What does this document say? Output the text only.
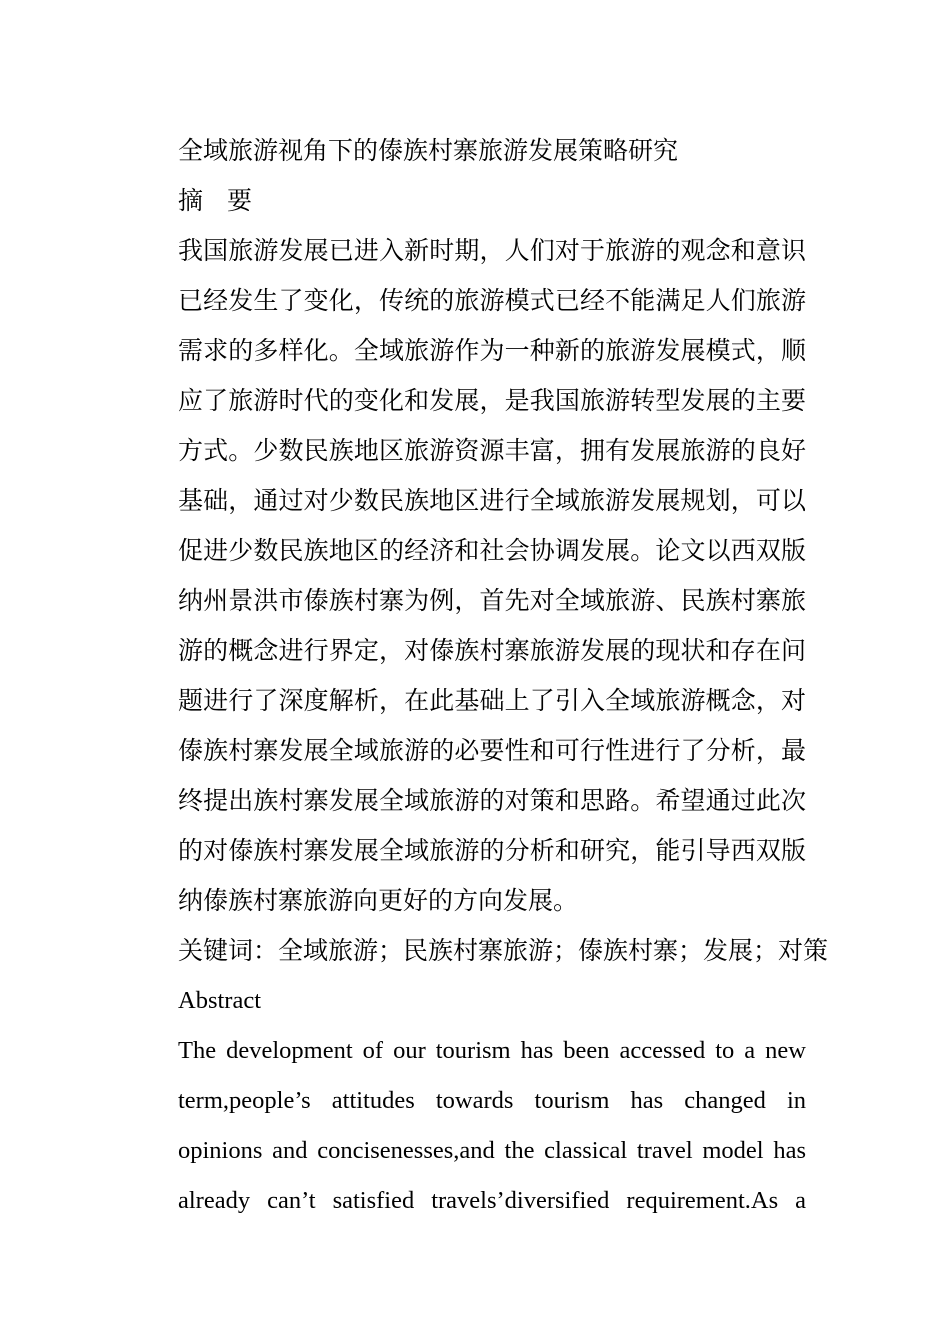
全域旅游视角下的傣族村寨旅游发展策略研究
摘 要
我国旅游发展已进入新时期，人们对于旅游的观念和意识
已经发生了变化，传统的旅游模式已经不能满足人们旅游
需求的多样化。全域旅游作为一种新的旅游发展模式，顺
应了旅游时代的变化和发展，是我国旅游转型发展的主要
方式。少数民族地区旅游资源丰富，拥有发展旅游的良好
基础，通过对少数民族地区进行全域旅游发展规划，可以
促进少数民族地区的经济和社会协调发展。论文以西双版
纳州景洪市傣族村寨为例，首先对全域旅游、民族村寨旅
游的概念进行界定，对傣族村寨旅游发展的现状和存在问
题进行了深度解析，在此基础上了引入全域旅游概念，对
傣族村寨发展全域旅游的必要性和可行性进行了分析，最
终提出族村寨发展全域旅游的对策和思路。希望通过此次
的对傣族村寨发展全域旅游的分析和研究，能引导西双版
纳傣族村寨旅游向更好的方向发展。
关键词：全域旅游；民族村寨旅游；傣族村寨；发展；对策
Abstract
The development of our tourism has been accessed to a new
term,people’s attitudes towards tourism has changed in
opinions and concisenesses,and the classical travel model has
already can’t satisfied travels’diversified requirement.As a
